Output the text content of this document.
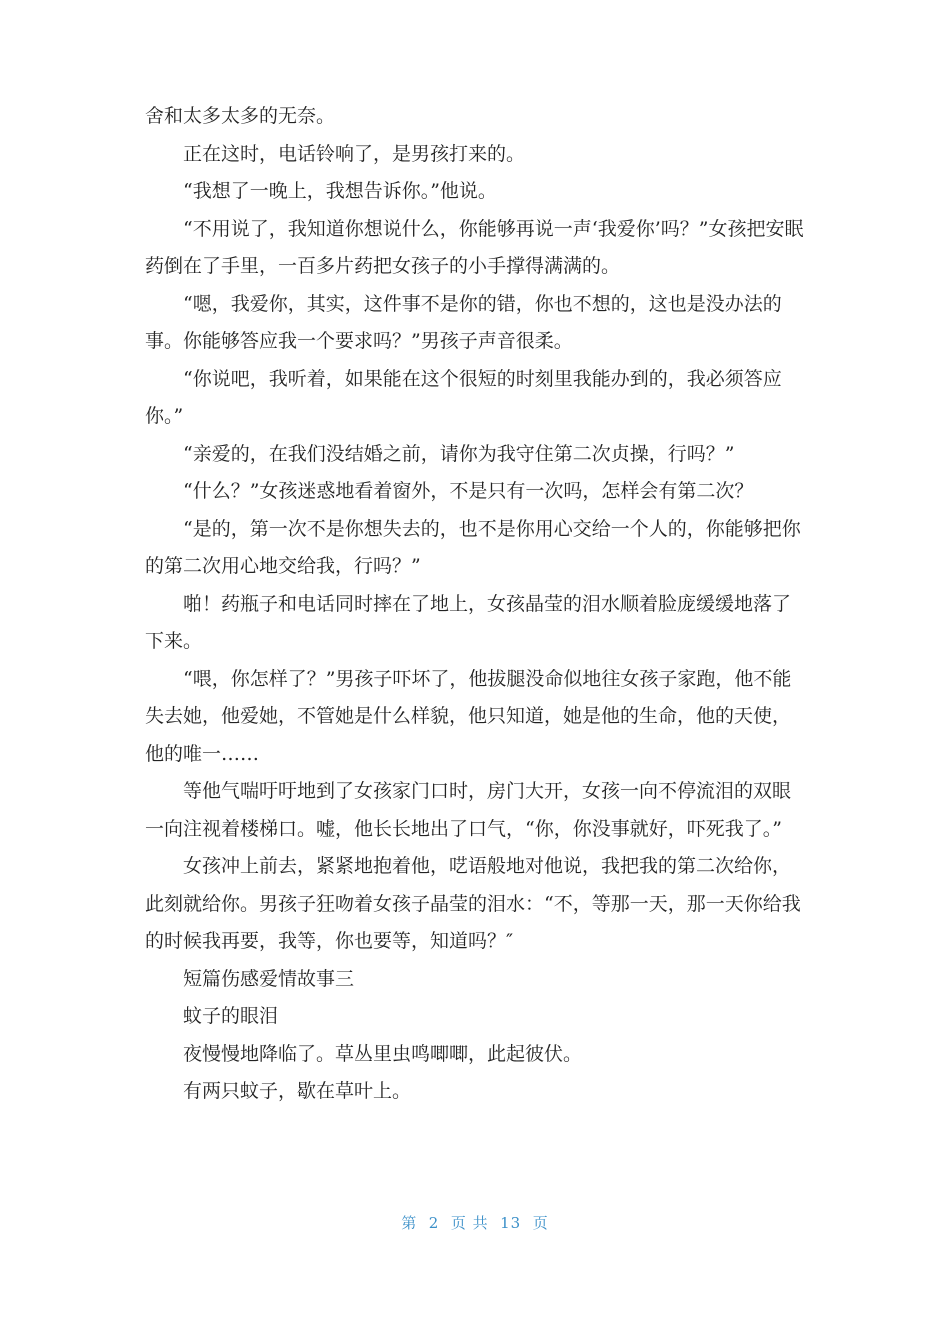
舍和太多太多的无奈。

正在这时，电话铃响了，是男孩打来的。

“我想了一晚上，我想告诉你。”他说。

“不用说了，我知道你想说什么，你能够再说一声‘我爱你’吗？”女孩把安眠药倒在了手里，一百多片药把女孩子的小手撑得满满的。

“嗯，我爱你，其实，这件事不是你的错，你也不想的，这也是没办法的事。你能够答应我一个要求吗？”男孩子声音很柔。

“你说吧，我听着，如果能在这个很短的时刻里我能办到的，我必须答应你。”

“亲爱的，在我们没结婚之前，请你为我守住第二次贞操，行吗？”

“什么？”女孩迷惑地看着窗外，不是只有一次吗，怎样会有第二次？

“是的，第一次不是你想失去的，也不是你用心交给一个人的，你能够把你的第二次用心地交给我，行吗？”

啪！药瓶子和电话同时摔在了地上，女孩晶莹的泪水顺着脸庞缓缓地落了下来。

“喂，你怎样了？”男孩子吓坏了，他拔腿没命似地往女孩子家跑，他不能失去她，他爱她，不管她是什么样貌，他只知道，她是他的生命，他的天使，他的唯一……

等他气喘吁吁地到了女孩家门口时，房门大开，女孩一向不停流泪的双眼一向注视着楼梯口。嘘，他长长地出了口气，“你，你没事就好，吓死我了。”

女孩冲上前去，紧紧地抱着他，呓语般地对他说，我把我的第二次给你，此刻就给你。男孩子狂吻着女孩子晶莹的泪水：“不，等那一天，那一天你给我的时候我再要，我等，你也要等，知道吗？″

短篇伤感爱情故事三

蚊子的眼泪

夜慢慢地降临了。草丛里虫鸣唧唧，此起彼伏。

有两只蚊子，歇在草叶上。

第  2  页 共  13  页
